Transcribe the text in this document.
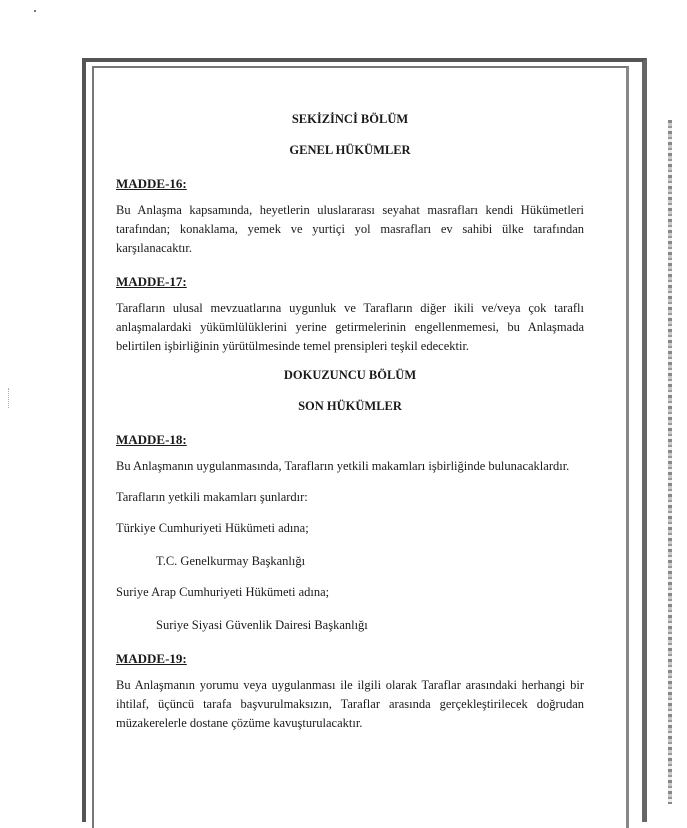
SEKİZİNCİ BÖLÜM

GENEL HÜKÜMLER

MADDE-16:

Bu Anlaşma kapsamında, heyetlerin uluslararası seyahat masrafları kendi Hükümetleri tarafından; konaklama, yemek ve yurtiçi yol masrafları ev sahibi ülke tarafından karşılanacaktır.

MADDE-17:

Tarafların ulusal mevzuatlarına uygunluk ve Tarafların diğer ikili ve/veya çok taraflı anlaşmalardaki yükümlülüklerini yerine getirmelerinin engellenmemesi, bu Anlaşmada belirtilen işbirliğinin yürütülmesinde temel prensipleri teşkil edecektir.

DOKUZUNCU BÖLÜM

SON HÜKÜMLER

MADDE-18:

Bu Anlaşmanın uygulanmasında, Tarafların yetkili makamları işbirliğinde bulunacaklardır.

Tarafların yetkili makamları şunlardır:

Türkiye Cumhuriyeti Hükümeti adına;

T.C. Genelkurmay Başkanlığı

Suriye Arap Cumhuriyeti Hükümeti adına;

Suriye Siyasi Güvenlik Dairesi Başkanlığı

MADDE-19:

Bu Anlaşmanın yorumu veya uygulanması ile ilgili olarak Taraflar arasındaki herhangi bir ihtilaf, üçüncü tarafa başvurulmaksızın, Taraflar arasında gerçekleştirilecek doğrudan müzakerelerle dostane çözüme kavuşturulacaktır.
